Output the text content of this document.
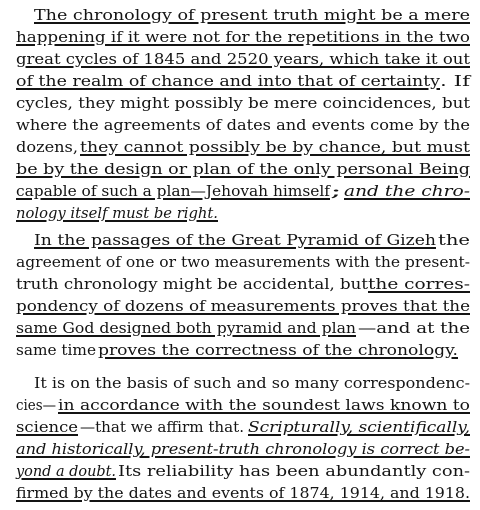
The chronology of present truth might be a mere
happening if it were not for the repetitions in the two
great cycles of 1845 and 2520 years, which take it out
of the realm of chance and into that of certainty . If
cycles, they might possibly be mere coincidences, but
where the agreements of dates and events come by the
dozens, they cannot possibly be by chance, but must
be by the design or plan of the only personal Being
capable of such a plan—Jehovah himself ; and the chro-
nology itself must be right.
In the passages of the Great Pyramid of Gizeh the
agreement of one or two measurements with the present-
truth chronology might be accidental, but the corres-
pondency of dozens of measurements proves that the
same God designed both pyramid and plan —and at the
same time proves the correctness of the chronology.
It is on the basis of such and so many correspondenc-
cies— in accordance with the soundest laws known to
science —that we affirm that. Scripturally, scientifically,
and historically, present-truth chronology is correct be-
yond a doubt. Its reliability has been abundantly con-
firmed by the dates and events of 1874, 1914, and 1918.
